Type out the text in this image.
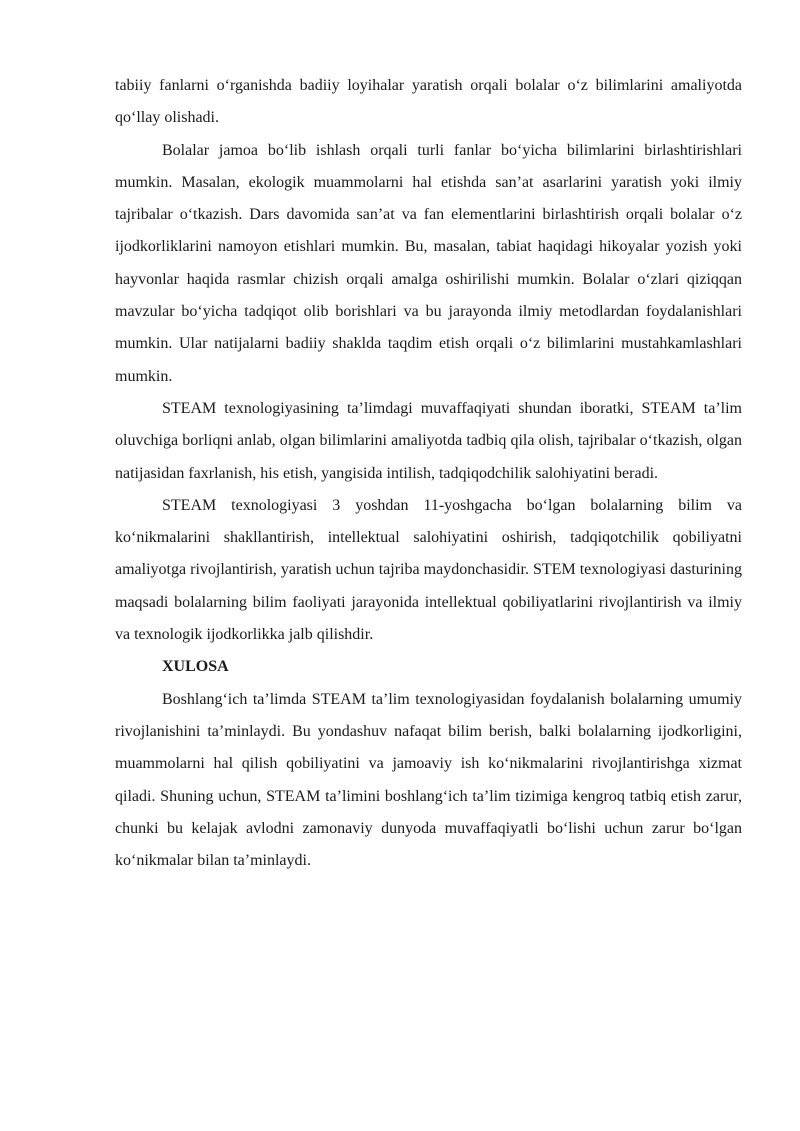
tabiiy fanlarni o‘rganishda badiiy loyihalar yaratish orqali bolalar o‘z bilimlarini amaliyotda qo‘llay olishadi.

Bolalar jamoa bo‘lib ishlash orqali turli fanlar bo‘yicha bilimlarini birlashtirishlari mumkin. Masalan, ekologik muammolarni hal etishda san’at asarlarini yaratish yoki ilmiy tajribalar o‘tkazish. Dars davomida san’at va fan elementlarini birlashtirish orqali bolalar o‘z ijodkorliklarini namoyon etishlari mumkin. Bu, masalan, tabiat haqidagi hikoyalar yozish yoki hayvonlar haqida rasmlar chizish orqali amalga oshirilishi mumkin. Bolalar o‘zlari qiziqqan mavzular bo‘yicha tadqiqot olib borishlari va bu jarayonda ilmiy metodlardan foydalanishlari mumkin. Ular natijalarni badiiy shaklda taqdim etish orqali o‘z bilimlarini mustahkamlashlari mumkin.

STEAM texnologiyasining ta’limdagi muvaffaqiyati shundan iboratki, STEAM ta’lim oluvchiga borliqni anlab, olgan bilimlarini amaliyotda tadbiq qila olish, tajribalar o‘tkazish, olgan natijasidan faxrlanish, his etish, yangisida intilish, tadqiqodchilik salohiyatini beradi.

STEAM texnologiyasi 3 yoshdan 11-yoshgacha bo‘lgan bolalarning bilim va ko‘nikmalarini shakllantirish, intellektual salohiyatini oshirish, tadqiqotchilik qobiliyatni amaliyotga rivojlantirish, yaratish uchun tajriba maydonchasidir. STEM texnologiyasi dasturining maqsadi bolalarning bilim faoliyati jarayonida intellektual qobiliyatlarini rivojlantirish va ilmiy va texnologik ijodkorlikka jalb qilishdir.

XULOSA

Boshlang‘ich ta’limda STEAM ta’lim texnologiyasidan foydalanish bolalarning umumiy rivojlanishini ta’minlaydi. Bu yondashuv nafaqat bilim berish, balki bolalarning ijodkorligini, muammolarni hal qilish qobiliyatini va jamoaviy ish ko‘nikmalarini rivojlantirishga xizmat qiladi. Shuning uchun, STEAM ta’limini boshlang‘ich ta’lim tizimiga kengroq tatbiq etish zarur, chunki bu kelajak avlodni zamonaviy dunyoda muvaffaqiyatli bo‘lishi uchun zarur bo‘lgan ko‘nikmalar bilan ta’minlaydi.
